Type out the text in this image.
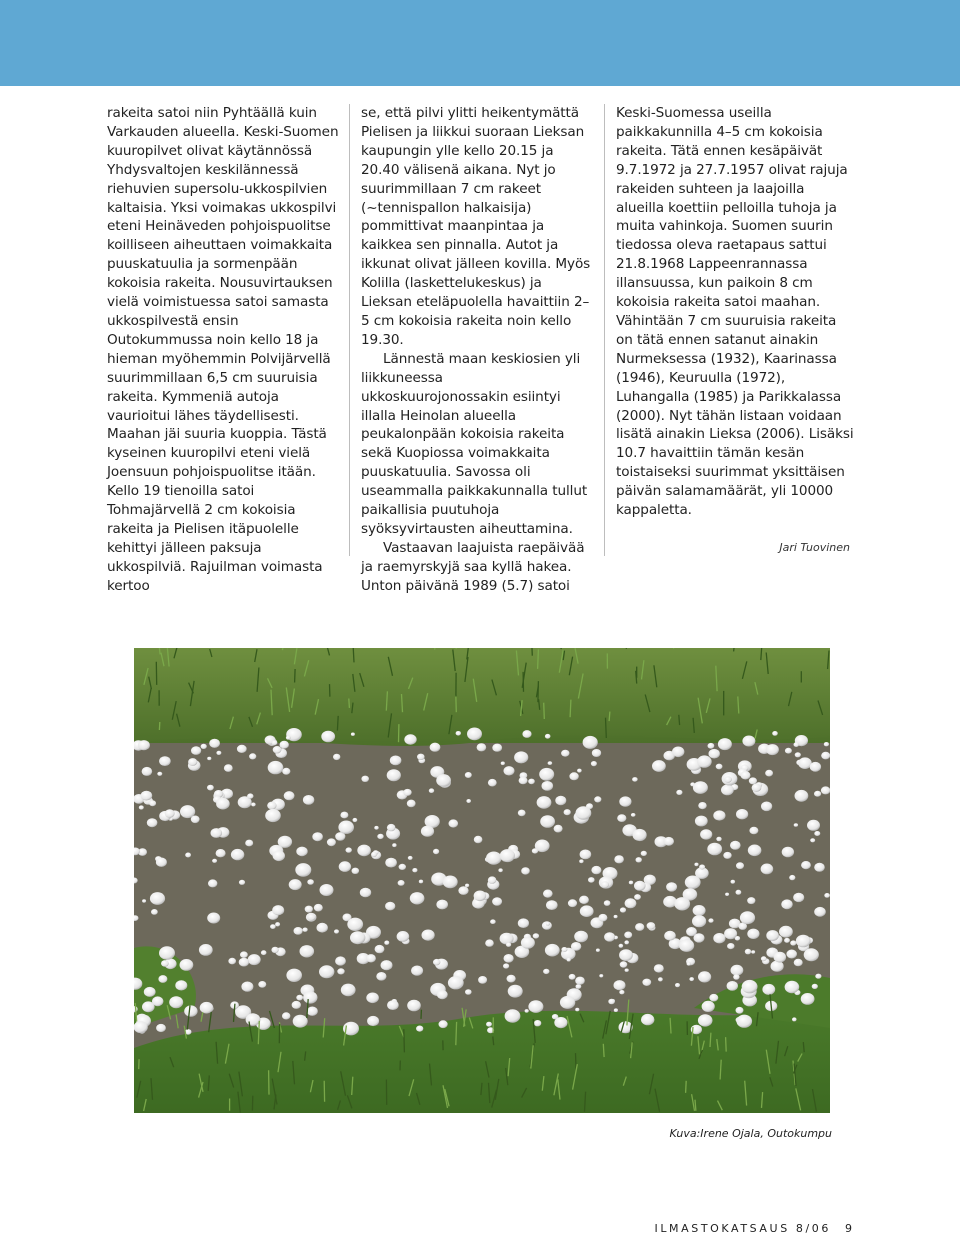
rakeita satoi niin Pyhtäällä kuin Varkauden alueella. Keski-Suomen kuuropilvet olivat käytännössä Yhdysvaltojen keskilännessä riehuvien supersolu-ukkospilvien kaltaisia. Yksi voimakas ukkospilvi eteni Heinäveden pohjoispuolitse koilliseen aiheuttaen voimakkaita puuskatuulia ja sormenpään kokoisia rakeita. Nousuvirtauksen vielä voimistuessa satoi samasta ukkospilvestä ensin Outokummussa noin kello 18 ja hieman myöhemmin Polvijärvellä suurimmillaan 6,5 cm suuruisia rakeita. Kymmeniä autoja vaurioitui lähes täydellisesti. Maahan jäi suuria kuoppia. Tästä kyseinen kuuropilvi eteni vielä Joensuun pohjoispuolitse itään. Kello 19 tienoilla satoi Tohmajärvellä 2 cm kokoisia rakeita ja Pielisen itäpuolelle kehittyi jälleen paksuja ukkospilviä. Rajuilman voimasta kertoo

se, että pilvi ylitti heikentymättä Pielisen ja liikkui suoraan Lieksan kaupungin ylle kello 20.15 ja 20.40 välisenä aikana. Nyt jo suurimmillaan 7 cm rakeet (~tennispallon halkaisija) pommittivat maanpintaa ja kaikkea sen pinnalla. Autot ja ikkunat olivat jälleen kovilla. Myös Kolilla (laskettelukeskus) ja Lieksan eteläpuolella havaittiin 2–5 cm kokoisia rakeita noin kello 19.30.

Lännestä maan keskiosien yli liikkuneessa ukkoskuurojonossakin esiintyi illalla Heinolan alueella peukalonpään kokoisia rakeita sekä Kuopiossa voimakkaita puuskatuulia. Savossa oli useammalla paikkakunnalla tullut paikallisia puutuhoja syöksyvirtausten aiheuttamina.

Vastaavan laajuista raepäivää ja raemyrskyjä saa kyllä hakea. Unton päivänä 1989 (5.7) satoi

Keski-Suomessa useilla paikkakunnilla 4–5 cm kokoisia rakeita. Tätä ennen kesäpäivät 9.7.1972 ja 27.7.1957 olivat rajuja rakeiden suhteen ja laajoilla alueilla koettiin pelloilla tuhoja ja muita vahinkoja. Suomen suurin tiedossa oleva raetapaus sattui 21.8.1968 Lappeenrannassa illansuussa, kun paikoin 8 cm kokoisia rakeita satoi maahan. Vähintään 7 cm suuruisia rakeita on tätä ennen satanut ainakin Nurmeksessa (1932), Kaarinassa (1946), Keuruulla (1972), Luhangalla (1985) ja Parikkalassa (2000). Nyt tähän listaan voidaan lisätä ainakin Lieksa (2006). Lisäksi 10.7 havaittiin tämän kesän toistaiseksi suurimmat yksittäisen päivän salamamäärät, yli 10000 kappaletta.

Jari Tuovinen
Kuva:Irene Ojala, Outokumpu
ILMASTOKATSAUS 8/06 9
